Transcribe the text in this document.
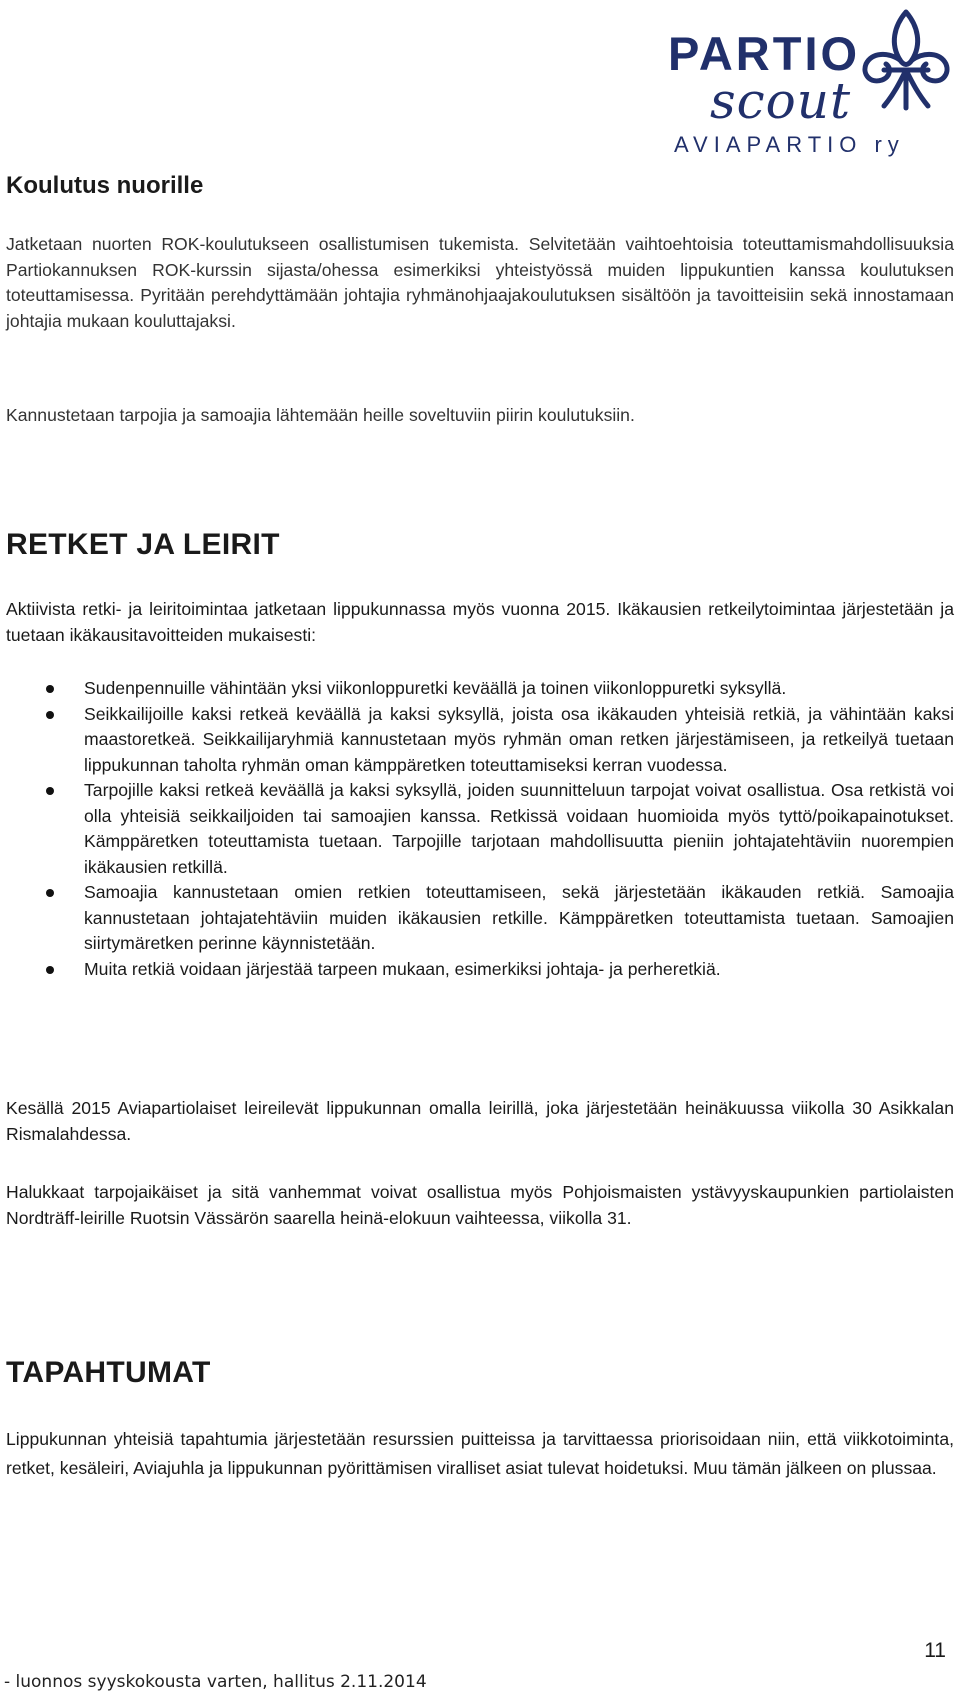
PARTIO
scout
AVIAPARTIO ry
Koulutus nuorille

Jatketaan nuorten ROK-koulutukseen osallistumisen tukemista. Selvitetään vaihtoehtoisia toteuttamismahdollisuuksia Partiokannuksen ROK-kurssin sijasta/ohessa esimerkiksi yhteistyössä muiden lippukuntien kanssa koulutuksen toteuttamisessa. Pyritään perehdyttämään johtajia ryhmänohjaajakoulutuksen sisältöön ja tavoitteisiin sekä innostamaan johtajia mukaan kouluttajaksi.

Kannustetaan tarpojia ja samoajia lähtemään heille soveltuviin piirin koulutuksiin.

RETKET JA LEIRIT

Aktiivista retki- ja leiritoimintaa jatketaan lippukunnassa myös vuonna 2015. Ikäkausien retkeilytoimintaa järjestetään ja tuetaan ikäkausitavoitteiden mukaisesti:

Sudenpennuille vähintään yksi viikonloppuretki keväällä ja toinen viikonloppuretki syksyllä.
Seikkailijoille kaksi retkeä keväällä ja kaksi syksyllä, joista osa ikäkauden yhteisiä retkiä, ja vähintään kaksi maastoretkeä. Seikkailijaryhmiä kannustetaan myös ryhmän oman retken järjestämiseen, ja retkeilyä tuetaan lippukunnan taholta ryhmän oman kämppäretken toteuttamiseksi kerran vuodessa.
Tarpojille kaksi retkeä keväällä ja kaksi syksyllä, joiden suunnitteluun tarpojat voivat osallistua. Osa retkistä voi olla yhteisiä seikkailjoiden tai samoajien kanssa. Retkissä voidaan huomioida myös tyttö/poikapainotukset. Kämppäretken toteuttamista tuetaan. Tarpojille tarjotaan mahdollisuutta pieniin johtajatehtäviin nuorempien ikäkausien retkillä.
Samoajia kannustetaan omien retkien toteuttamiseen, sekä järjestetään ikäkauden retkiä. Samoajia kannustetaan johtajatehtäviin muiden ikäkausien retkille. Kämppäretken toteuttamista tuetaan. Samoajien siirtymäretken perinne käynnistetään.
Muita retkiä voidaan järjestää tarpeen mukaan, esimerkiksi johtaja- ja perheretkiä.

Kesällä 2015 Aviapartiolaiset leireilevät lippukunnan omalla leirillä, joka järjestetään heinäkuussa viikolla 30 Asikkalan Rismalahdessa.

Halukkaat tarpojaikäiset ja sitä vanhemmat voivat osallistua myös Pohjoismaisten ystävyyskaupunkien partiolaisten Nordträff-leirille Ruotsin Vässärön saarella heinä-elokuun vaihteessa, viikolla 31.

TAPAHTUMAT

Lippukunnan yhteisiä tapahtumia järjestetään resurssien puitteissa ja tarvittaessa priorisoidaan niin, että viikkotoiminta, retket, kesäleiri, Aviajuhla ja lippukunnan pyörittämisen viralliset asiat tulevat hoidetuksi. Muu tämän jälkeen on plussaa.

11
- luonnos syyskokousta varten, hallitus 2.11.2014
